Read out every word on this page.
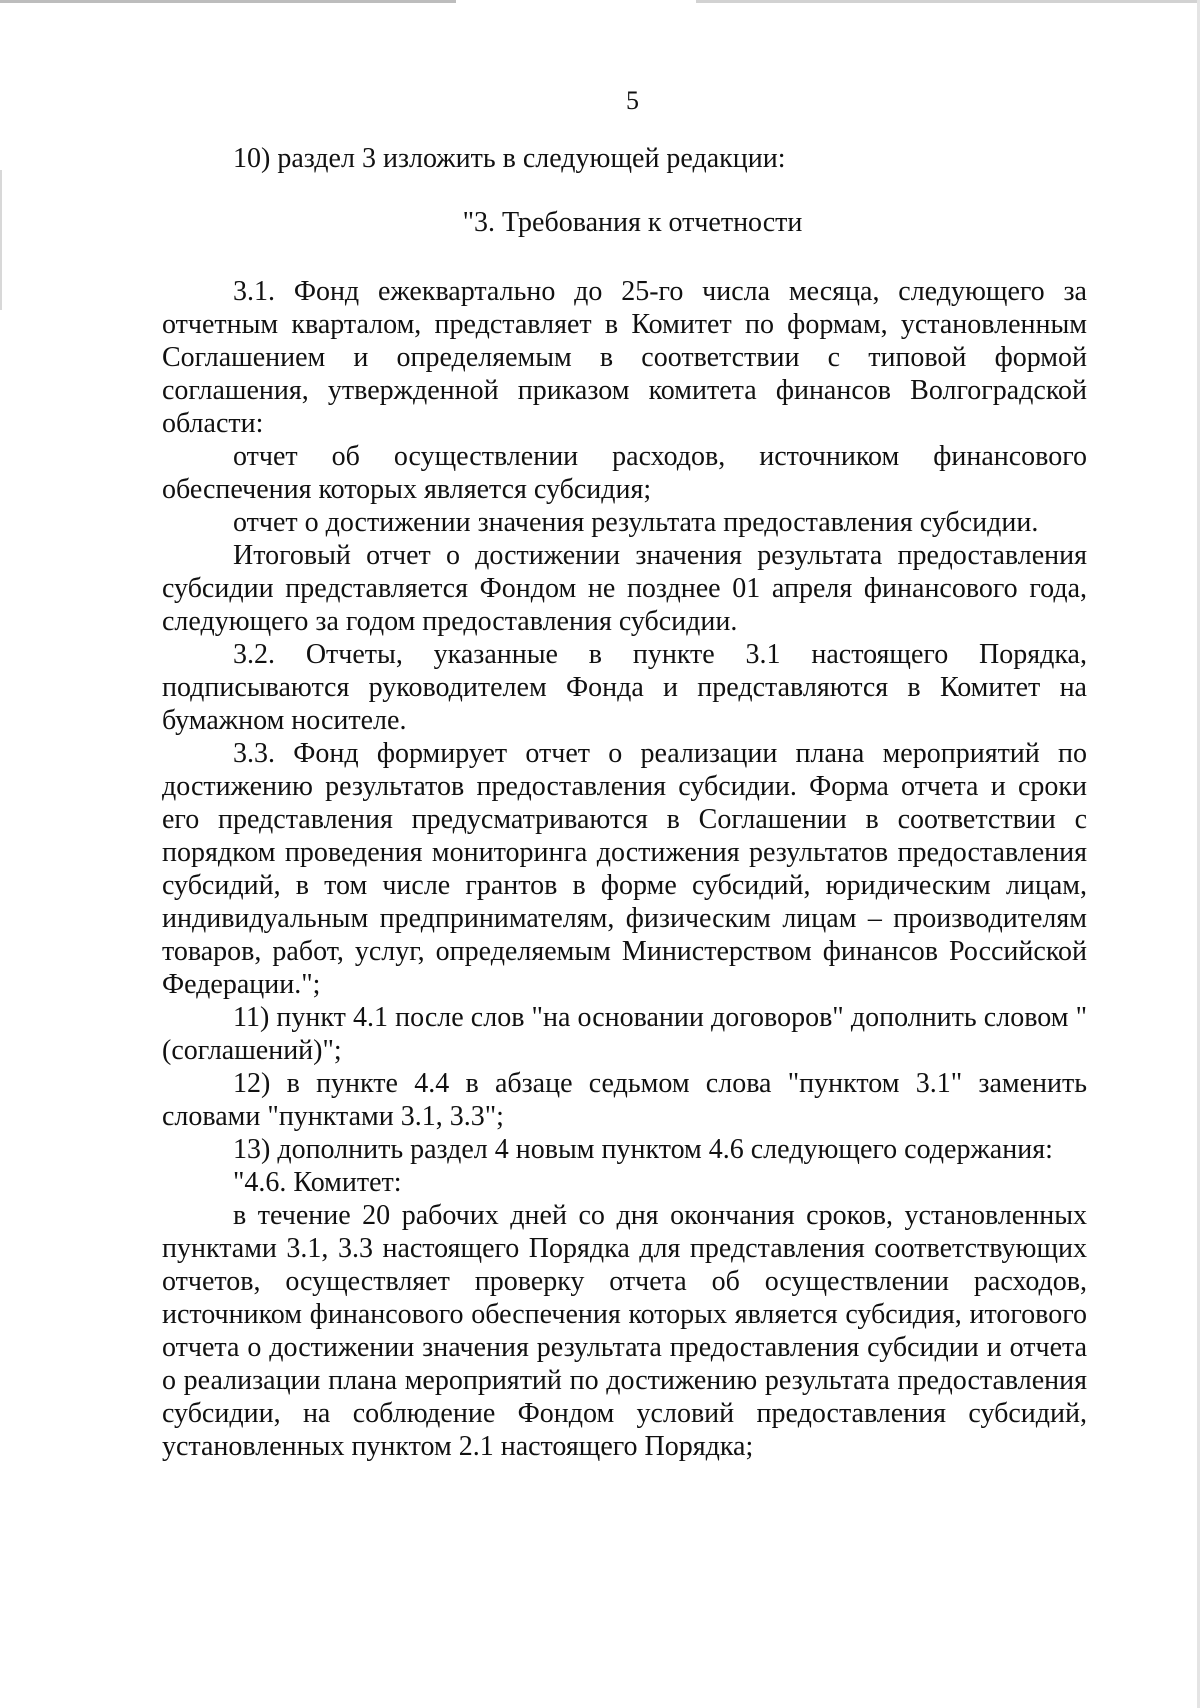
5

10) раздел 3 изложить в следующей редакции:

"3. Требования к отчетности

3.1. Фонд ежеквартально до 25-го числа месяца, следующего за отчетным кварталом, представляет в Комитет по формам, установленным Соглашением и определяемым в соответствии с типовой формой соглашения, утвержденной приказом комитета финансов Волгоградской области:

отчет об осуществлении расходов, источником финансового обеспечения которых является субсидия;

отчет о достижении значения результата предоставления субсидии.

Итоговый отчет о достижении значения результата предоставления субсидии представляется Фондом не позднее 01 апреля финансового года, следующего за годом предоставления субсидии.

3.2. Отчеты, указанные в пункте 3.1 настоящего Порядка, подписываются руководителем Фонда и представляются в Комитет на бумажном носителе.

3.3. Фонд формирует отчет о реализации плана мероприятий по достижению результатов предоставления субсидии. Форма отчета и сроки его представления предусматриваются в Соглашении в соответствии с порядком проведения мониторинга достижения результатов предоставления субсидий, в том числе грантов в форме субсидий, юридическим лицам, индивидуальным предпринимателям, физическим лицам – производителям товаров, работ, услуг, определяемым Министерством финансов Российской Федерации.";

11) пункт 4.1 после слов "на основании договоров" дополнить словом "(соглашений)";

12) в пункте 4.4 в абзаце седьмом слова "пунктом 3.1" заменить словами "пунктами 3.1, 3.3";

13) дополнить раздел 4 новым пунктом 4.6 следующего содержания:

"4.6. Комитет:

в течение 20 рабочих дней со дня окончания сроков, установленных пунктами 3.1, 3.3 настоящего Порядка для представления соответствующих отчетов, осуществляет проверку отчета об осуществлении расходов, источником финансового обеспечения которых является субсидия, итогового отчета о достижении значения результата предоставления субсидии и отчета о реализации плана мероприятий по достижению результата предоставления субсидии, на соблюдение Фондом условий предоставления субсидий, установленных пунктом 2.1 настоящего Порядка;
